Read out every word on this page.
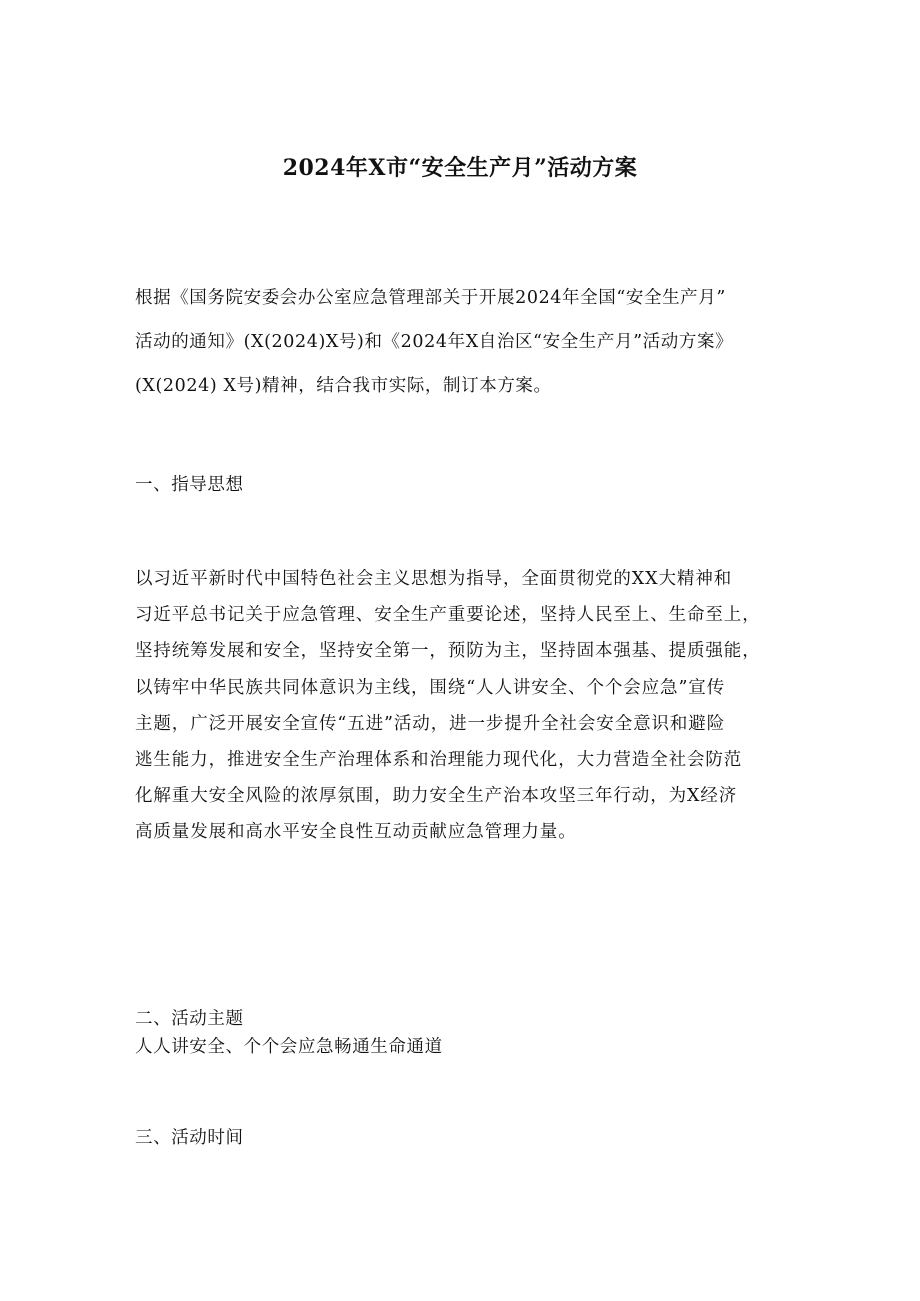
2024年X市“安全生产月”活动方案
根据《国务院安委会办公室应急管理部关于开展2024年全国“安全生产月”
活动的通知》(X(2024)X号)和《2024年X自治区“安全生产月”活动方案》
(X(2024) X号)精神，结合我市实际，制订本方案。
一、指导思想
以习近平新时代中国特色社会主义思想为指导，全面贯彻党的XX大精神和
习近平总书记关于应急管理、安全生产重要论述，坚持人民至上、生命至上，
坚持统筹发展和安全，坚持安全第一，预防为主，坚持固本强基、提质强能，
以铸牢中华民族共同体意识为主线，围绕“人人讲安全、个个会应急”宣传
主题，广泛开展安全宣传“五进”活动，进一步提升全社会安全意识和避险
逃生能力，推进安全生产治理体系和治理能力现代化，大力营造全社会防范
化解重大安全风险的浓厚氛围，助力安全生产治本攻坚三年行动，为X经济
高质量发展和高水平安全良性互动贡献应急管理力量。
二、活动主题
人人讲安全、个个会应急畅通生命通道
三、活动时间
